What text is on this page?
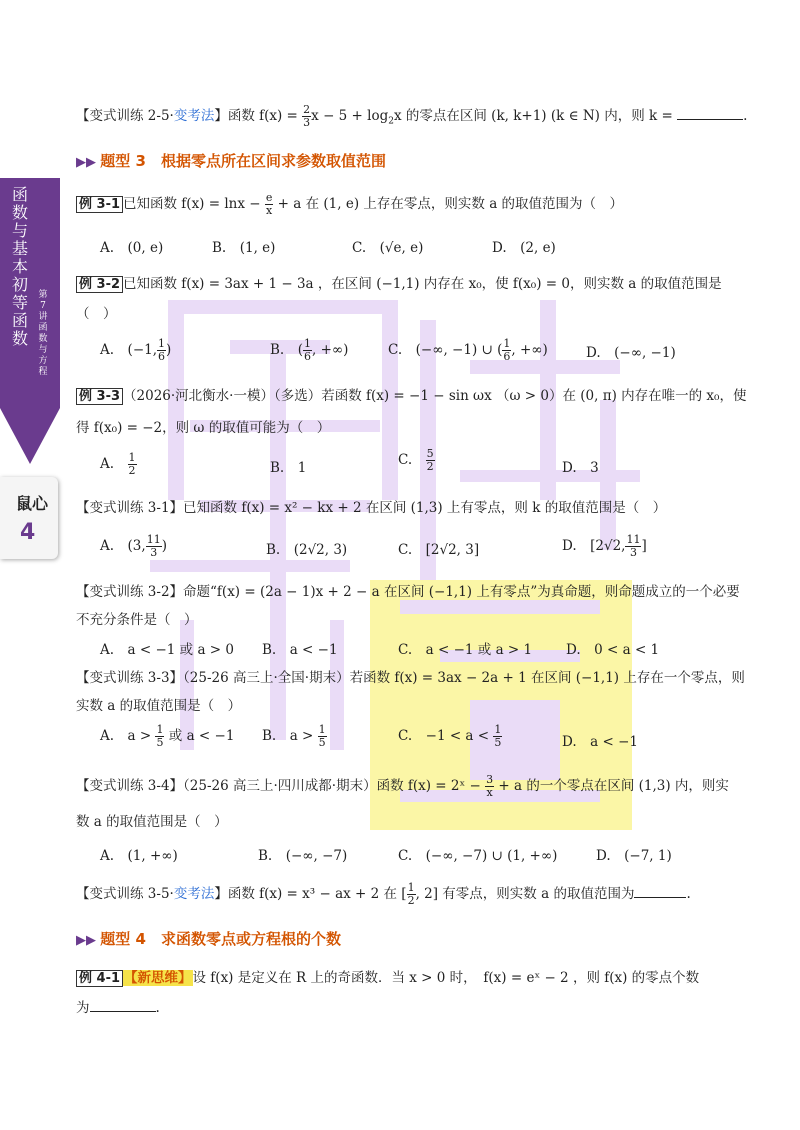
函数与基本初等函数
第7讲 函数与方程
鼠心
4
【变式训练 2-5·变考法】函数 $f(x) = \frac{2}{3}$ $x - 5 + \log_2x$ 的零点在区间 (k, k+1) (k ∈ N) 内，则 k =	.
▶▶ 题型 3　根据零点所在区间求参数取值范围
例 3-1 已知函数 $f(x) = \ln x - \frac{e}{x} + a$ 在 (1, e) 上存在零点，则实数 a 的取值范围为（　）
A.　(0, e)	B.　(1, e)	C.　(√e, e)	D.　(2, e)
例 3-2 已知函数 f(x) = 3ax + 1 − 3a ，在区间 (−1,1) 内存在 x₀，使 f(x₀) = 0，则实数 a 的取值范围是
（　）
A.　(−1, $\frac{1}{6}$ )	B.　( $\frac{1}{6}$ , +∞)	C.　(−∞, −1) ∪ ( $\frac{1}{6}$ , +∞)	D.　(−∞, −1)
例 3-3 （2026·河北衡水·一模）（多选）若函数 f(x) = −1 − sin ωx （ω > 0）在 (0, π) 内存在唯一的 x₀，使
得 f(x₀) = −2，则 ω 的取值可能为（　）
A.　 $\frac{1}{2}$	B.　1	C.　 $\frac{5}{2}$	D.　3
【变式训练 3-1】已知函数 f(x) = x² − kx + 2 在区间 (1,3) 上有零点，则 k 的取值范围是（　）
A.　(3, $\frac{11}{3}$ )	B.　(2√2, 3)	C.　[2√2, 3]	D.　[2√2, $\frac{11}{3}$ ]
【变式训练 3-2】命题“f(x) = (2a − 1)x + 2 − a 在区间 (−1,1) 上有零点”为真命题，则命题成立的一个必要
不充分条件是（　）
A.　a < −1 或 a > 0 B.　a < −1	C.　a < −1 或 a > 1	D.　0 < a < 1
【变式训练 3-3】（25-26 高三上·全国·期末）若函数 f(x) = 3ax − 2a + 1 在区间 (−1,1) 上存在一个零点，则
实数 a 的取值范围是（　）
A.　$a > \frac{1}{5}$ 或 a < −1 B.　$a > \frac{1}{5}$	C.　$-1 < a < \frac{1}{5}$	D.　a < −1
【变式训练 3-4】（25-26 高三上·四川成都·期末）函数 f(x) = 2ˣ − $\frac{3}{x} + a$ 的一个零点在区间 (1,3) 内，则实
数 a 的取值范围是（　）
A.　(1, +∞)	B.　(−∞, −7)	C.　(−∞, −7) ∪ (1, +∞)	D.　(−7, 1)
【变式训练 3-5·变考法】函数 f(x) = x³ − ax + 2 在 [ $\frac{1}{2}$ , 2] 有零点，则实数 a 的取值范围为	.
▶▶ 题型 4　求函数零点或方程根的个数
例 4-1 【新思维】设 f(x) 是定义在 R 上的奇函数．当 x > 0 时，　f(x) = eˣ − 2 ，则 f(x) 的零点个数
为	.
